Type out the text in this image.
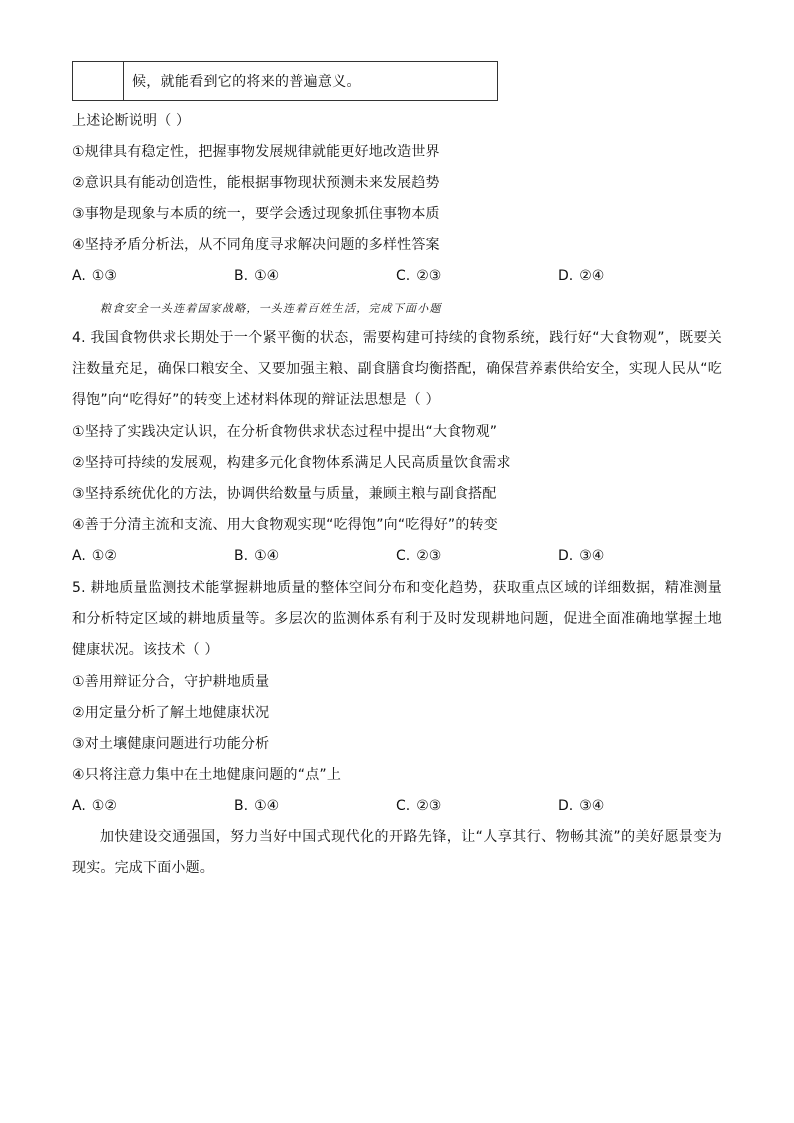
候，就能看到它的将来的普遍意义。
上述论断说明（ ）
①规律具有稳定性，把握事物发展规律就能更好地改造世界
②意识具有能动创造性，能根据事物现状预测未来发展趋势
③事物是现象与本质的统一，要学会透过现象抓住事物本质
④坚持矛盾分析法，从不同角度寻求解决问题的多样性答案
A. ①③	B. ①④	C. ②③	D. ②④
粮食安全一头连着国家战略，一头连着百姓生活，完成下面小题
4. 我国食物供求长期处于一个紧平衡的状态，需要构建可持续的食物系统，践行好“大食物观”，既要关注数量充足，确保口粮安全、又要加强主粮、副食膳食均衡搭配，确保营养素供给安全，实现人民从“吃得饱”向“吃得好”的转变上述材料体现的辩证法思想是（ ）
①坚持了实践决定认识，在分析食物供求状态过程中提出“大食物观”
②坚持可持续的发展观，构建多元化食物体系满足人民高质量饮食需求
③坚持系统优化的方法，协调供给数量与质量，兼顾主粮与副食搭配
④善于分清主流和支流、用大食物观实现“吃得饱”向“吃得好”的转变
A. ①②	B. ①④	C. ②③	D. ③④
5. 耕地质量监测技术能掌握耕地质量的整体空间分布和变化趋势，获取重点区域的详细数据，精准测量和分析特定区域的耕地质量等。多层次的监测体系有利于及时发现耕地问题，促进全面准确地掌握土地健康状况。该技术（ ）
①善用辩证分合，守护耕地质量
②用定量分析了解土地健康状况
③对土壤健康问题进行功能分析
④只将注意力集中在土地健康问题的“点”上
A. ①②	B. ①④	C. ②③	D. ③④
加快建设交通强国，努力当好中国式现代化的开路先锋，让“人享其行、物畅其流”的美好愿景变为现实。完成下面小题。
